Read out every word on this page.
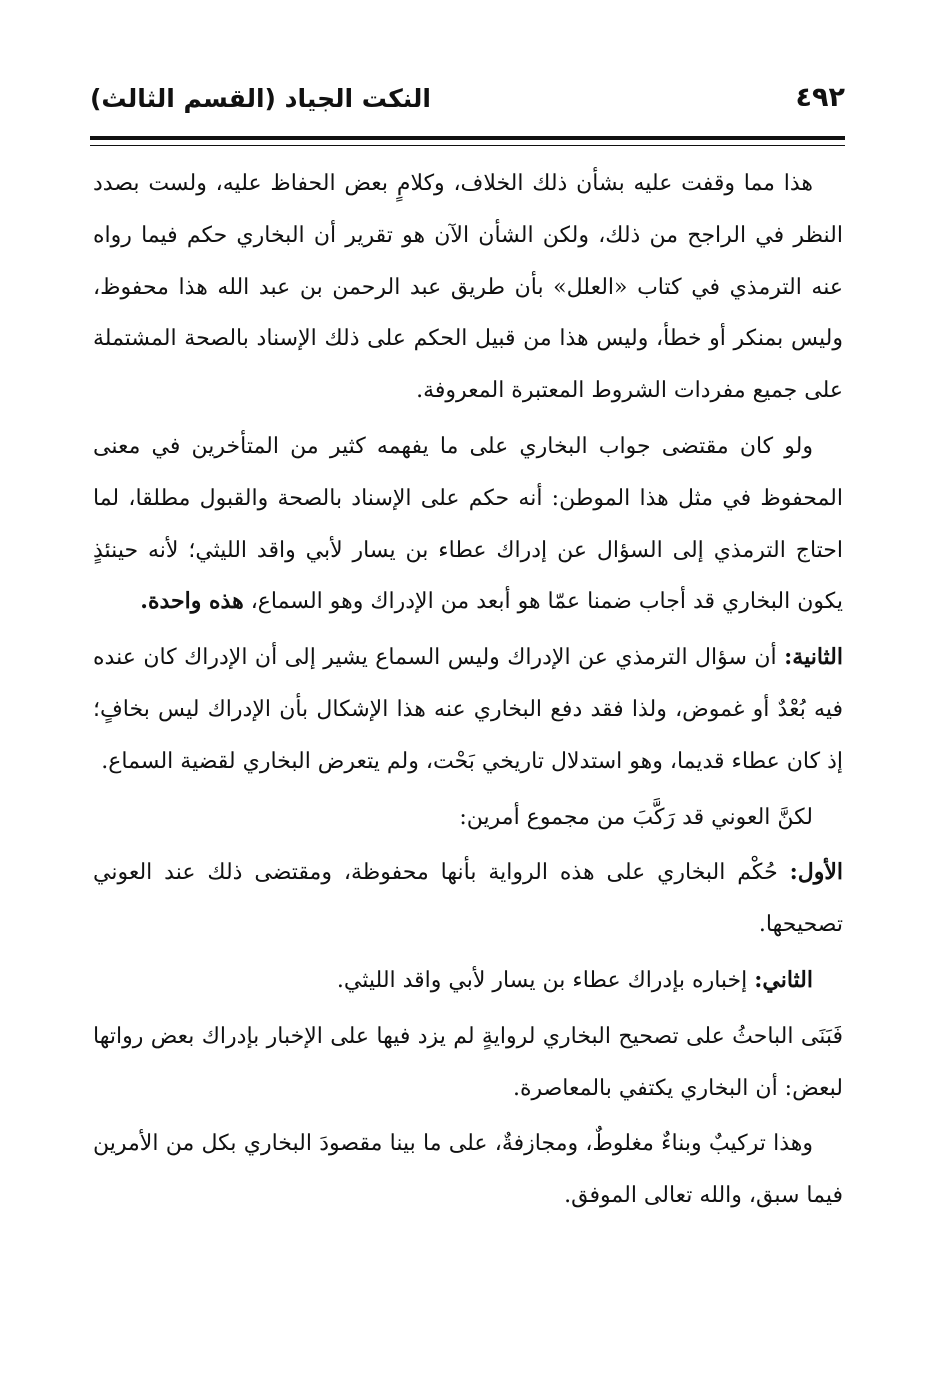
٤٩٢
النكت الجياد (القسم الثالث)

هذا مما وقفت عليه بشأن ذلك الخلاف، وكلامٍ بعض الحفاظ عليه، ولست بصدد النظر في الراجح من ذلك، ولكن الشأن الآن هو تقرير أن البخاري حكم فيما رواه عنه الترمذي في كتاب «العلل» بأن طريق عبد الرحمن بن عبد الله هذا محفوظ، وليس بمنكر أو خطأ، وليس هذا من قبيل الحكم على ذلك الإسناد بالصحة المشتملة على جميع مفردات الشروط المعتبرة المعروفة.

ولو كان مقتضى جواب البخاري على ما يفهمه كثير من المتأخرين في معنى المحفوظ في مثل هذا الموطن: أنه حكم على الإسناد بالصحة والقبول مطلقا، لما احتاج الترمذي إلى السؤال عن إدراك عطاء بن يسار لأبي واقد الليثي؛ لأنه حينئذٍ يكون البخاري قد أجاب ضمنا عمّا هو أبعد من الإدراك وهو السماع، هذه واحدة.

الثانية: أن سؤال الترمذي عن الإدراك وليس السماع يشير إلى أن الإدراك كان عنده فيه بُعْدٌ أو غموض، ولذا فقد دفع البخاري عنه هذا الإشكال بأن الإدراك ليس بخافٍ؛ إذ كان عطاء قديما، وهو استدلال تاريخي بَحْت، ولم يتعرض البخاري لقضية السماع.

لكنَّ العوني قد رَكَّبَ من مجموع أمرين:

الأول: حُكْم البخاري على هذه الرواية بأنها محفوظة، ومقتضى ذلك عند العوني تصحيحها.

الثاني: إخباره بإدراك عطاء بن يسار لأبي واقد الليثي.

فَبَنَى الباحثُ على تصحيح البخاري لروايةٍ لم يزد فيها على الإخبار بإدراك بعض رواتها لبعض: أن البخاري يكتفي بالمعاصرة.

وهذا تركيبٌ وبناءٌ مغلوطٌ، ومجازفةٌ، على ما بينا مقصودَ البخاري بكل من الأمرين فيما سبق، والله تعالى الموفق.
